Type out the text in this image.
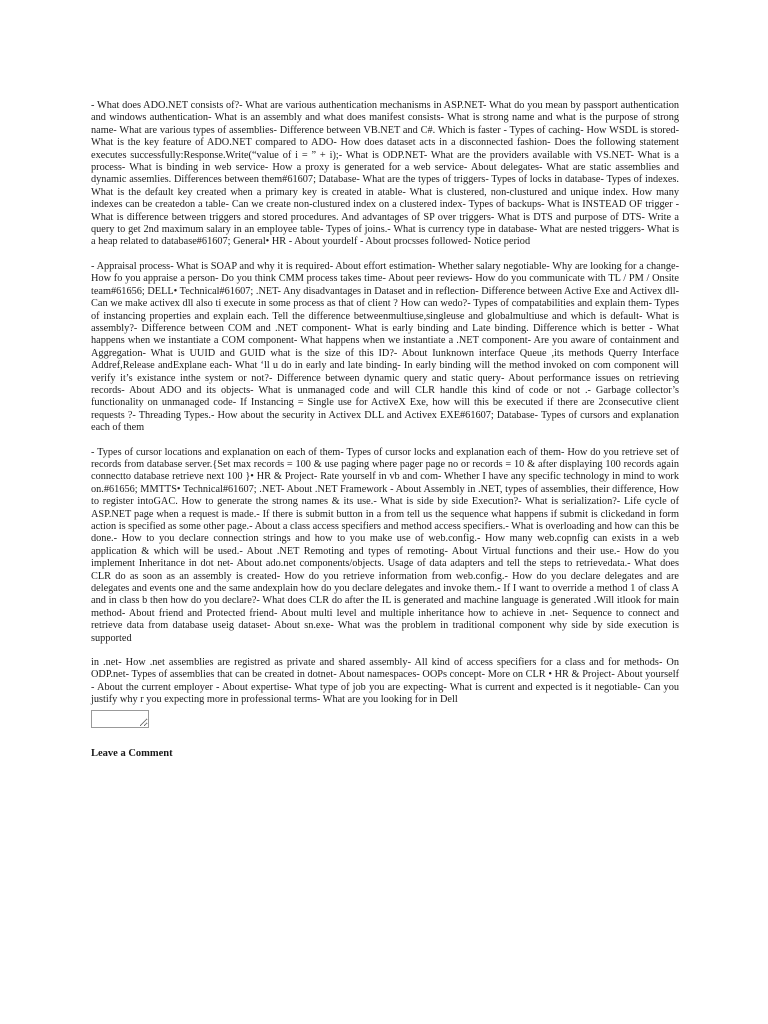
- What does ADO.NET consists of?- What are various authentication mechanisms in ASP.NET- What do you mean by passport authentication and windows authentication- What is an assembly and what does manifest consists- What is strong name and what is the purpose of strong name- What are various types of assemblies- Difference between VB.NET and C#. Which is faster - Types of caching- How WSDL is stored- What is the key feature of ADO.NET compared to ADO- How does dataset acts in a disconnected fashion- Does the following statement executes successfully:Response.Write(“value of i = ” + i);- What is ODP.NET- What are the providers available with VS.NET- What is a process- What is binding in web service- How a proxy is generated for a web service- About delegates- What are static assemblies and dynamic assemlies. Differences between them#61607; Database- What are the types of triggers- Types of locks in database- Types of indexes. What is the default key created when a primary key is created in atable- What is clustered, non-clustured and unique index. How many indexes can be createdon a table- Can we create non-clustured index on a clustered index- Types of backups- What is INSTEAD OF trigger - What is difference between triggers and stored procedures. And advantages of SP over triggers- What is DTS and purpose of DTS- Write a query to get 2nd maximum salary in an employee table- Types of joins.- What is currency type in database- What are nested triggers- What is a heap related to database#61607; General• HR - About yourdelf - About procsses followed- Notice period

- Appraisal process- What is SOAP and why it is required- About effort estimation- Whether salary negotiable- Why are looking for a change- How fo you appraise a person- Do you think CMM process takes time- About peer reviews- How do you communicate with TL / PM / Onsite team#61656; DELL• Technical#61607; .NET- Any disadvantages in Dataset and in reflection- Difference between Active Exe and Activex dll- Can we make activex dll also ti execute in some process as that of client ? How can wedo?- Types of compatabilities and explain them- Types of instancing properties and explain each. Tell the difference betweenmultiuse,singleuse and globalmultiuse and which is default- What is assembly?- Difference between COM and .NET component- What is early binding and Late binding. Difference which is better - What happens when we instantiate a COM component- What happens when we instantiate a .NET component- Are you aware of containment and Aggregation- What is UUID and GUID what is the size of this ID?- About Iunknown interface Queue ,its methods Querry Interface Addref,Release andExplane each- What ‘ll u do in early and late binding- In early binding will the method invoked on com component will verify it’s existance inthe system or not?- Difference between dynamic query and static query- About performance issues on retrieving records- About ADO and its objects- What is unmanaged code and will CLR handle this kind of code or not .- Garbage collector’s functionality on unmanaged code- If Instancing = Single use for ActiveX Exe, how will this be executed if there are 2consecutive client requests ?- Threading Types.- How about the security in Activex DLL and Activex EXE#61607; Database- Types of cursors and explanation each of them

- Types of cursor locations and explanation on each of them- Types of cursor locks and explanation each of them- How do you retrieve set of records from database server.{Set max records = 100 & use paging where pager page no or records = 10 & after displaying 100 records again connectto database retrieve next 100 }• HR & Project- Rate yourself in vb and com- Whether I have any specific technology in mind to work on.#61656; MMTTS• Technical#61607; .NET- About .NET Framework - About Assembly in .NET, types of assemblies, their difference, How to register intoGAC. How to generate the strong names & its use.- What is side by side Execution?- What is serialization?- Life cycle of ASP.NET page when a request is made.- If there is submit button in a from tell us the sequence what happens if submit is clickedand in form action is specified as some other page.- About a class access specifiers and method access specifiers.- What is overloading and how can this be done.- How to you declare connection strings and how to you make use of web.config.- How many web.copnfig can exists in a web application & which will be used.- About .NET Remoting and types of remoting- About Virtual functions and their use.- How do you implement Inheritance in dot net- About ado.net components/objects. Usage of data adapters and tell the steps to retrievedata.- What does CLR do as soon as an assembly is created- How do you retrieve information from web.config.- How do you declare delegates and are delegates and events one and the same andexplain how do you declare delegates and invoke them.- If I want to override a method 1 of class A and in class b then how do you declare?- What does CLR do after the IL is generated and machine language is generated .Will itlook for main method- About friend and Protected friend- About multi level and multiple inheritance how to achieve in .net- Sequence to connect and retrieve data from database useig dataset- About sn.exe- What was the problem in traditional component why side by side execution is supported

in .net- How .net assemblies are registred as private and shared assembly- All kind of access specifiers for a class and for methods- On ODP.net- Types of assemblies that can be created in dotnet- About namespaces- OOPs concept- More on CLR • HR & Project- About yourself - About the current employer - About expertise- What type of job you are expecting- What is current and expected is it negotiable- Can you justify why r you expecting more in professional terms- What are you looking for in Dell

Leave a Comment
